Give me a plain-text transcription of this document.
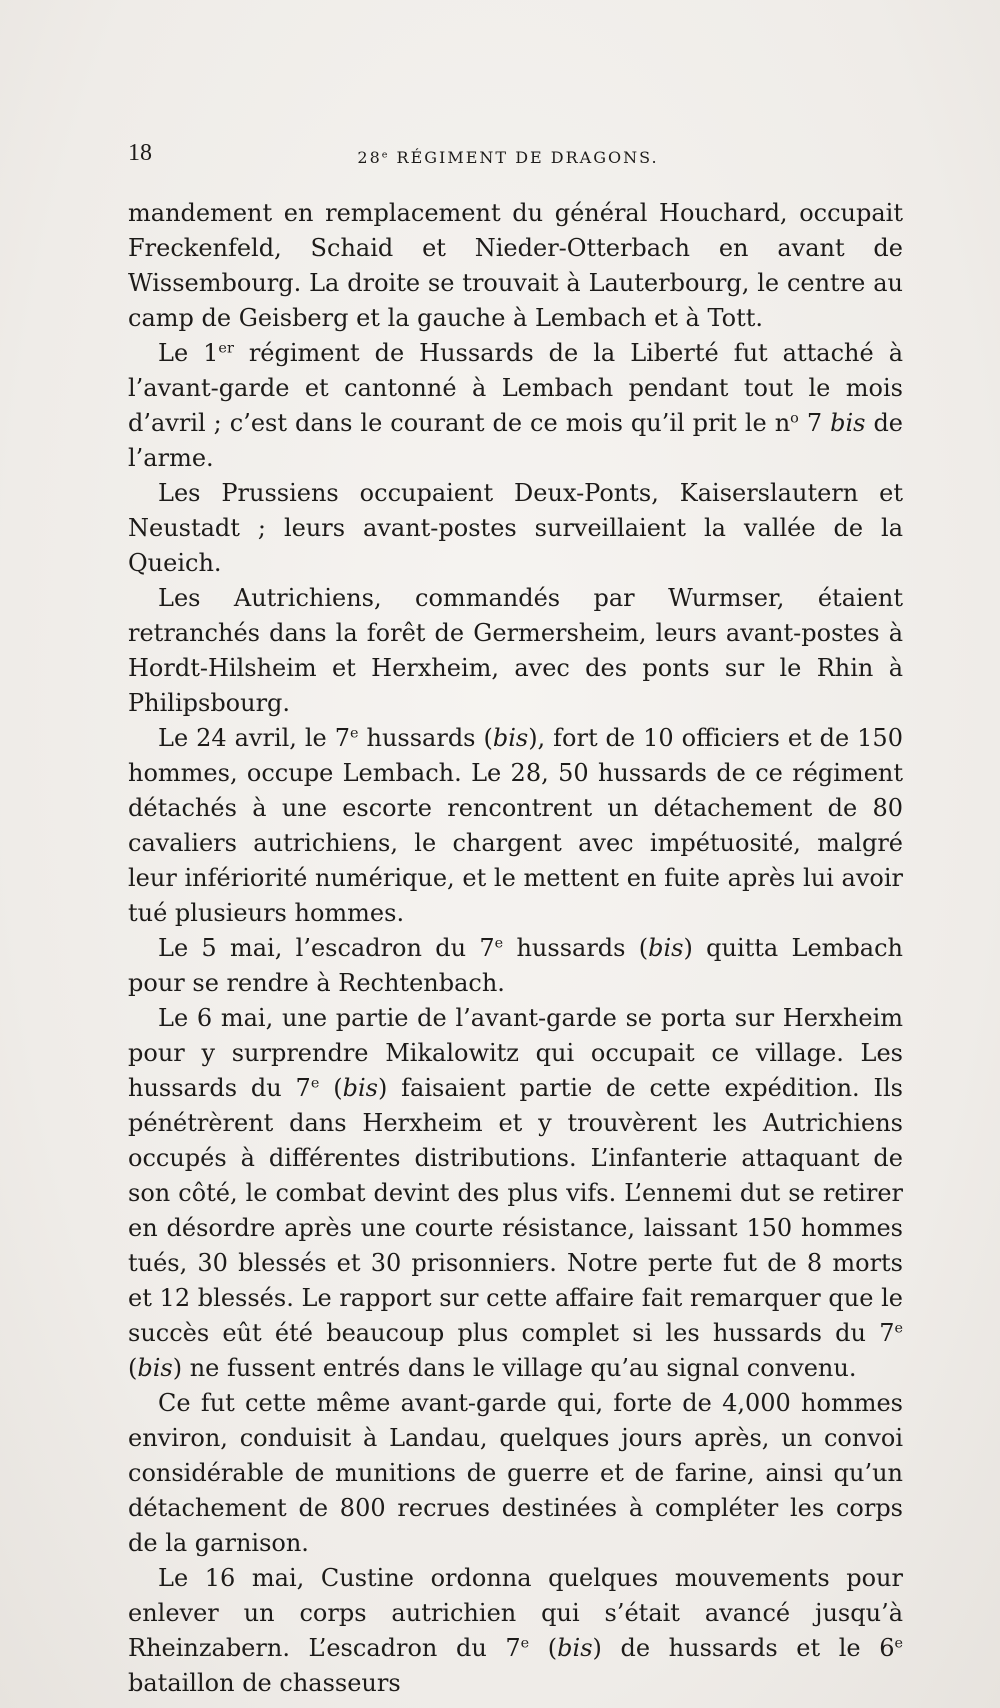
18	28e RÉGIMENT DE DRAGONS.

mandement en remplacement du général Houchard, occupait Freckenfeld, Schaid et Nieder-Otterbach en avant de Wissembourg. La droite se trouvait à Lauterbourg, le centre au camp de Geisberg et la gauche à Lembach et à Tott.

Le 1er régiment de Hussards de la Liberté fut attaché à l’avant-garde et cantonné à Lembach pendant tout le mois d’avril ; c’est dans le courant de ce mois qu’il prit le $n^o$ 7 bis de l’arme.

Les Prussiens occupaient Deux-Ponts, Kaiserslautern et Neustadt ; leurs avant-postes surveillaient la vallée de la Queich.

Les Autrichiens, commandés par Wurmser, étaient retranchés dans la forêt de Germersheim, leurs avant-postes à Hordt-Hilsheim et Herxheim, avec des ponts sur le Rhin à Philipsbourg.

Le 24 avril, le 7e hussards (bis), fort de 10 officiers et de 150 hommes, occupe Lembach. Le 28, 50 hussards de ce régiment détachés à une escorte rencontrent un détachement de 80 cavaliers autrichiens, le chargent avec impétuosité, malgré leur infériorité numérique, et le mettent en fuite après lui avoir tué plusieurs hommes.

Le 5 mai, l’escadron du 7e hussards (bis) quitta Lembach pour se rendre à Rechtenbach.

Le 6 mai, une partie de l’avant-garde se porta sur Herxheim pour y surprendre Mikalowitz qui occupait ce village. Les hussards du 7e (bis) faisaient partie de cette expédition. Ils pénétrèrent dans Herxheim et y trouvèrent les Autrichiens occupés à différentes distributions. L’infanterie attaquant de son côté, le combat devint des plus vifs. L’ennemi dut se retirer en désordre après une courte résistance, laissant 150 hommes tués, 30 blessés et 30 prisonniers. Notre perte fut de 8 morts et 12 blessés. Le rapport sur cette affaire fait remarquer que le succès eût été beaucoup plus complet si les hussards du 7e (bis) ne fussent entrés dans le village qu’au signal convenu.

Ce fut cette même avant-garde qui, forte de 4,000 hommes environ, conduisit à Landau, quelques jours après, un convoi considérable de munitions de guerre et de farine, ainsi qu’un détachement de 800 recrues destinées à compléter les corps de la garnison.

Le 16 mai, Custine ordonna quelques mouvements pour enlever un corps autrichien qui s’était avancé jusqu’à Rheinzabern. L’escadron du 7e (bis) de hussards et le 6e bataillon de chasseurs
